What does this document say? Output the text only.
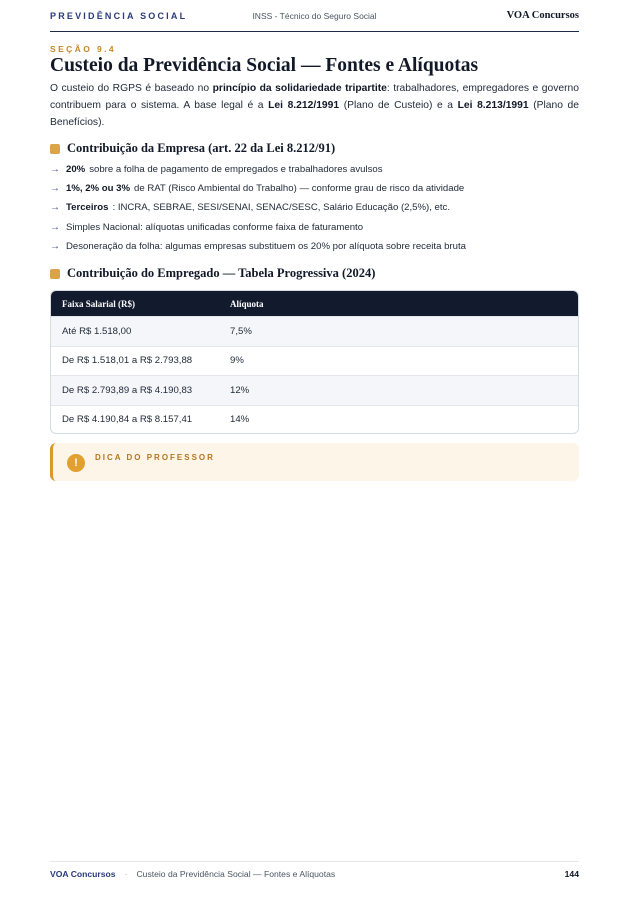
PREVIDÊNCIA SOCIAL	INSS - Técnico do Seguro Social	VOA Concursos
SEÇÃO 9.4
Custeio da Previdência Social — Fontes e Alíquotas

O custeio do RGPS é baseado no princípio da solidariedade tripartite: trabalhadores, empregadores e governo contribuem para o sistema. A base legal é a Lei 8.212/1991 (Plano de Custeio) e a Lei 8.213/1991 (Plano de Benefícios).

Contribuição da Empresa (art. 22 da Lei 8.212/91)
→ 20% sobre a folha de pagamento de empregados e trabalhadores avulsos
→ 1%, 2% ou 3% de RAT (Risco Ambiental do Trabalho) — conforme grau de risco da atividade
→ Terceiros : INCRA, SEBRAE, SESI/SENAI, SENAC/SESC, Salário Educação (2,5%), etc.
→ Simples Nacional: alíquotas unificadas conforme faixa de faturamento
→ Desoneração da folha: algumas empresas substituem os 20% por alíquota sobre receita bruta
Contribuição do Empregado — Tabela Progressiva (2024)
Faixa Salarial (R$)	Alíquota
Até R$ 1.518,00	7,5%
De R$ 1.518,01 a R$ 2.793,88	9%
De R$ 2.793,89 a R$ 4.190,83	12%
De R$ 4.190,84 a R$ 8.157,41	14%
!	DICA DO PROFESSOR
VOA Concursos · Custeio da Previdência Social — Fontes e Alíquotas	144
